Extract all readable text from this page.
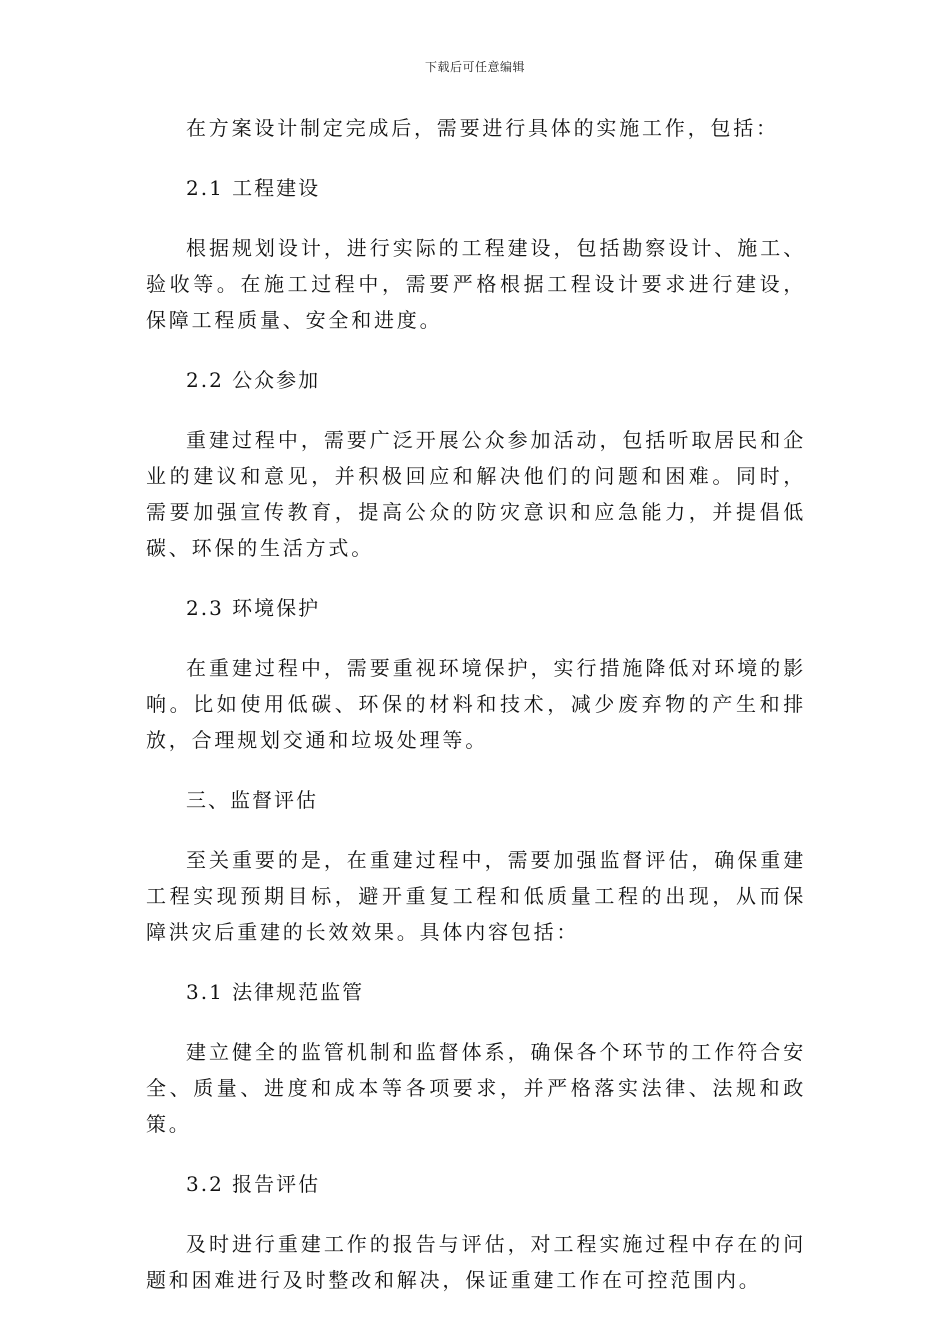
下载后可任意编辑

在方案设计制定完成后，需要进行具体的实施工作，包括：

2.1 工程建设

根据规划设计，进行实际的工程建设，包括勘察设计、施工、验收等。在施工过程中，需要严格根据工程设计要求进行建设，保障工程质量、安全和进度。

2.2 公众参加

重建过程中，需要广泛开展公众参加活动，包括听取居民和企业的建议和意见，并积极回应和解决他们的问题和困难。同时，需要加强宣传教育，提高公众的防灾意识和应急能力，并提倡低碳、环保的生活方式。

2.3 环境保护

在重建过程中，需要重视环境保护，实行措施降低对环境的影响。比如使用低碳、环保的材料和技术，减少废弃物的产生和排放，合理规划交通和垃圾处理等。

三、监督评估

至关重要的是，在重建过程中，需要加强监督评估，确保重建工程实现预期目标，避开重复工程和低质量工程的出现，从而保障洪灾后重建的长效效果。具体内容包括：

3.1 法律规范监管

建立健全的监管机制和监督体系，确保各个环节的工作符合安全、质量、进度和成本等各项要求，并严格落实法律、法规和政策。

3.2 报告评估

及时进行重建工作的报告与评估，对工程实施过程中存在的问题和困难进行及时整改和解决，保证重建工作在可控范围内。
